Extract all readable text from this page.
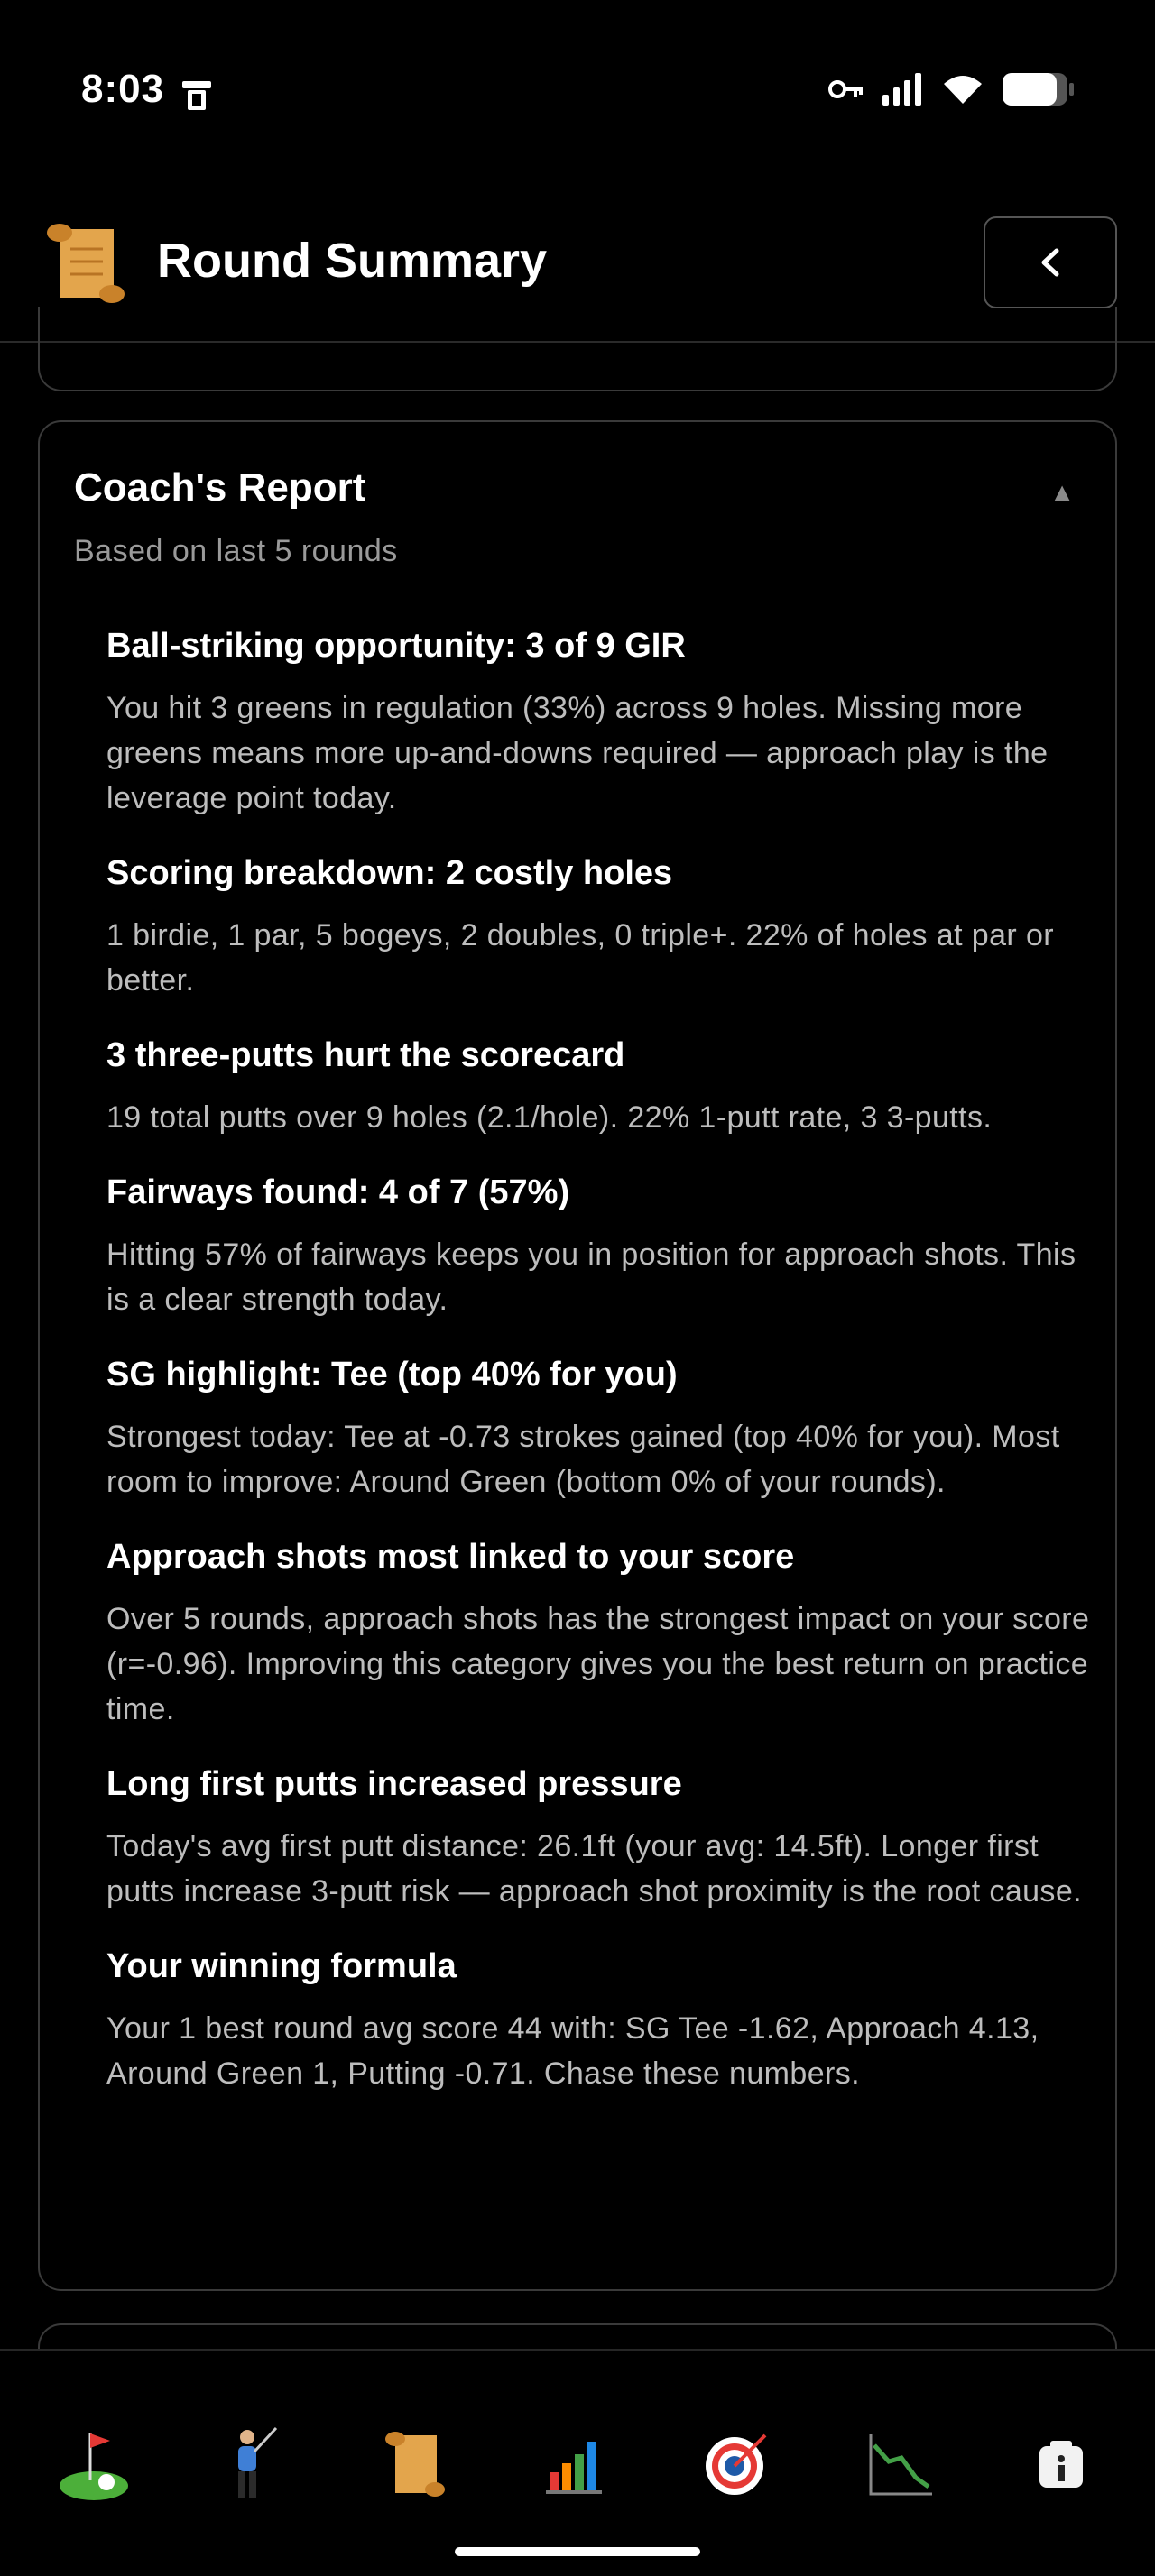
8:03
Round Summary
Coach's Report	▲

Based on last 5 rounds

Ball-striking opportunity: 3 of 9 GIR
You hit 3 greens in regulation (33%) across 9 holes. Missing more greens means more up-and-downs required — approach play is the leverage point today.
Scoring breakdown: 2 costly holes
1 birdie, 1 par, 5 bogeys, 2 doubles, 0 triple+. 22% of holes at par or better.
3 three-putts hurt the scorecard
19 total putts over 9 holes (2.1/hole). 22% 1-putt rate, 3 3-putts.
Fairways found: 4 of 7 (57%)
Hitting 57% of fairways keeps you in position for approach shots. This is a clear strength today.
SG highlight: Tee (top 40% for you)
Strongest today: Tee at -0.73 strokes gained (top 40% for you). Most room to improve: Around Green (bottom 0% of your rounds).
Approach shots most linked to your score
Over 5 rounds, approach shots has the strongest impact on your score (r=-0.96). Improving this category gives you the best return on practice time.
Long first putts increased pressure
Today's avg first putt distance: 26.1ft (your avg: 14.5ft). Longer first putts increase 3-putt risk — approach shot proximity is the root cause.
Your winning formula
Your 1 best round avg score 44 with: SG Tee -1.62, Approach 4.13, Around Green 1, Putting -0.71. Chase these numbers.
